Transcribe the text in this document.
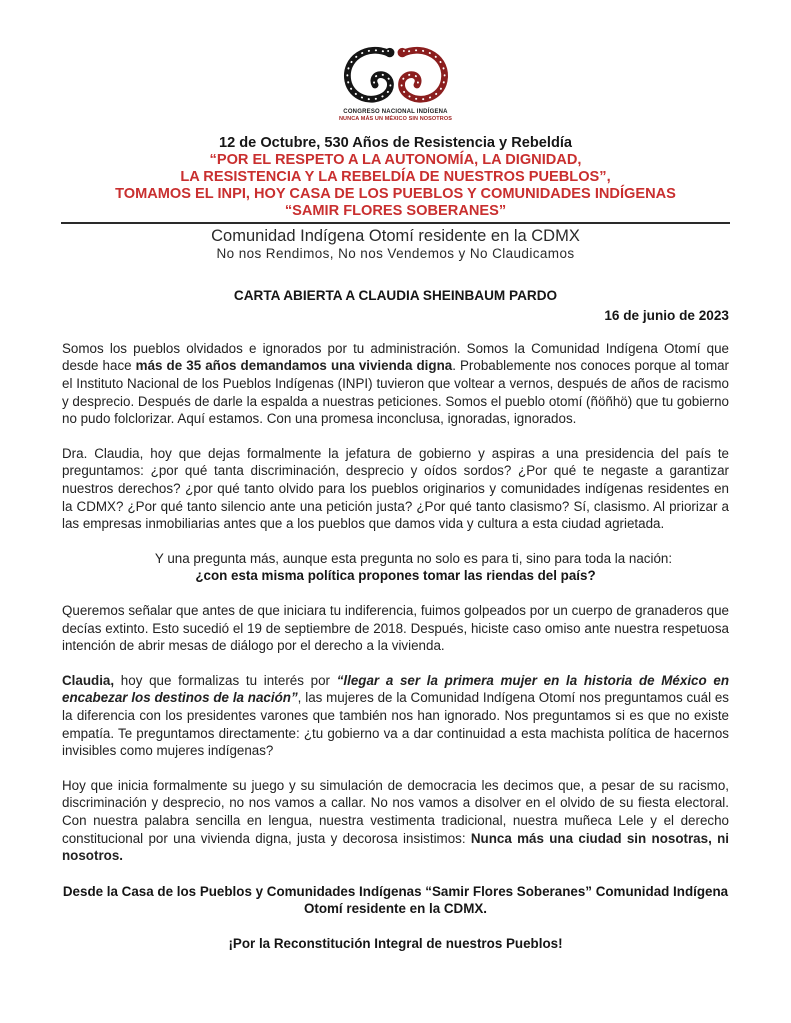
CONGRESO NACIONAL INDÍGENA
NUNCA MÁS UN MÉXICO SIN NOSOTROS
12 de Octubre, 530 Años de Resistencia y Rebeldía
“POR EL RESPETO A LA AUTONOMÍA, LA DIGNIDAD,
LA RESISTENCIA Y LA REBELDÍA DE NUESTROS PUEBLOS”,
TOMAMOS EL INPI, HOY CASA DE LOS PUEBLOS Y COMUNIDADES INDÍGENAS
“SAMIR FLORES SOBERANES”
Comunidad Indígena Otomí residente en la CDMX
No nos Rendimos, No nos Vendemos y No Claudicamos
CARTA ABIERTA A CLAUDIA SHEINBAUM PARDO
16 de junio de 2023

Somos los pueblos olvidados e ignorados por tu administración. Somos la Comunidad Indígena Otomí que desde hace más de 35 años demandamos una vivienda digna. Probablemente nos conoces porque al tomar el Instituto Nacional de los Pueblos Indígenas (INPI) tuvieron que voltear a vernos, después de años de racismo y desprecio. Después de darle la espalda a nuestras peticiones. Somos el pueblo otomí (ñöñhö) que tu gobierno no pudo folclorizar. Aquí estamos. Con una promesa inconclusa, ignoradas, ignorados.

Dra. Claudia, hoy que dejas formalmente la jefatura de gobierno y aspiras a una presidencia del país te preguntamos: ¿por qué tanta discriminación, desprecio y oídos sordos? ¿Por qué te negaste a garantizar nuestros derechos? ¿por qué tanto olvido para los pueblos originarios y comunidades indígenas residentes en la CDMX? ¿Por qué tanto silencio ante una petición justa? ¿Por qué tanto clasismo? Sí, clasismo. Al priorizar a las empresas inmobiliarias antes que a los pueblos que damos vida y cultura a esta ciudad agrietada.

Y una pregunta más, aunque esta pregunta no solo es para ti, sino para toda la nación:
¿con esta misma política propones tomar las riendas del país?

Queremos señalar que antes de que iniciara tu indiferencia, fuimos golpeados por un cuerpo de granaderos que decías extinto. Esto sucedió el 19 de septiembre de 2018. Después, hiciste caso omiso ante nuestra respetuosa intención de abrir mesas de diálogo por el derecho a la vivienda.

Claudia, hoy que formalizas tu interés por “llegar a ser la primera mujer en la historia de México en encabezar los destinos de la nación”, las mujeres de la Comunidad Indígena Otomí nos preguntamos cuál es la diferencia con los presidentes varones que también nos han ignorado. Nos preguntamos si es que no existe empatía. Te preguntamos directamente: ¿tu gobierno va a dar continuidad a esta machista política de hacernos invisibles como mujeres indígenas?

Hoy que inicia formalmente su juego y su simulación de democracia les decimos que, a pesar de su racismo, discriminación y desprecio, no nos vamos a callar. No nos vamos a disolver en el olvido de su fiesta electoral. Con nuestra palabra sencilla en lengua, nuestra vestimenta tradicional, nuestra muñeca Lele y el derecho constitucional por una vivienda digna, justa y decorosa insistimos: Nunca más una ciudad sin nosotras, ni nosotros.

Desde la Casa de los Pueblos y Comunidades Indígenas “Samir Flores Soberanes” Comunidad Indígena Otomí residente en la CDMX.
¡Por la Reconstitución Integral de nuestros Pueblos!
